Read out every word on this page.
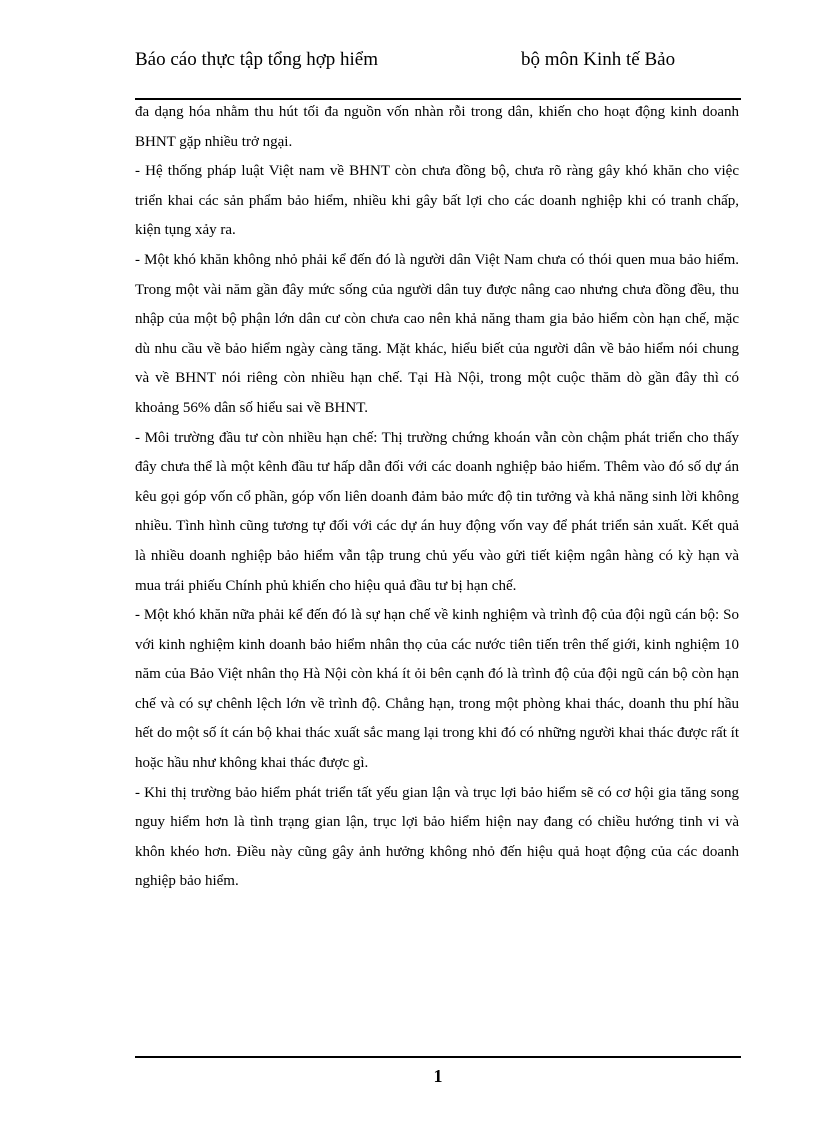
Báo cáo thực tập tổng hợp hiểm	bộ môn Kinh tế Bảo

đa dạng hóa nhằm thu hút tối đa nguồn vốn nhàn rỗi trong dân, khiến cho hoạt động kinh doanh BHNT gặp nhiều trở ngại.

- Hệ thống pháp luật Việt nam về BHNT còn chưa đồng bộ, chưa rõ ràng gây khó khăn cho việc triển khai các sản phẩm bảo hiểm, nhiều khi gây bất lợi cho các doanh nghiệp khi có tranh chấp, kiện tụng xảy ra.

- Một khó khăn không nhỏ phải kể đến đó là người dân Việt Nam chưa có thói quen mua bảo hiểm. Trong một vài năm gần đây mức sống của người dân tuy được nâng cao nhưng chưa đồng đều, thu nhập của một bộ phận lớn dân cư còn chưa cao nên khả năng tham gia bảo hiểm còn hạn chế, mặc dù nhu cầu về bảo hiểm ngày càng tăng. Mặt khác, hiểu biết của người dân về bảo hiểm nói chung và về BHNT nói riêng còn nhiều hạn chế. Tại Hà Nội, trong một cuộc thăm dò gần đây thì có khoảng 56% dân số hiểu sai về BHNT.

- Môi trường đầu tư còn nhiều hạn chế: Thị trường chứng khoán vẫn còn chậm phát triển cho thấy đây chưa thể là một kênh đầu tư hấp dẫn đối với các doanh nghiệp bảo hiểm. Thêm vào đó số dự án kêu gọi góp vốn cổ phần, góp vốn liên doanh đảm bảo mức độ tin tưởng và khả năng sinh lời không nhiều. Tình hình cũng tương tự đối với các dự án huy động vốn vay để phát triển sản xuất. Kết quả là nhiều doanh nghiệp bảo hiểm vẫn tập trung chủ yếu vào gửi tiết kiệm ngân hàng có kỳ hạn và mua trái phiếu Chính phủ khiến cho hiệu quả đầu tư bị hạn chế.

- Một khó khăn nữa phải kể đến đó là sự hạn chế về kinh nghiệm và trình độ của đội ngũ cán bộ: So với kinh nghiệm kinh doanh bảo hiểm nhân thọ của các nước tiên tiến trên thế giới, kinh nghiệm 10 năm của Bảo Việt nhân thọ Hà Nội còn khá ít ỏi bên cạnh đó là trình độ của đội ngũ cán bộ còn hạn chế và có sự chênh lệch lớn về trình độ. Chẳng hạn, trong một phòng khai thác, doanh thu phí hầu hết do một số ít cán bộ khai thác xuất sắc mang lại trong khi đó có những người khai thác được rất ít hoặc hầu như không khai thác được gì.

- Khi thị trường bảo hiểm phát triển tất yếu gian lận và trục lợi bảo hiểm sẽ có cơ hội gia tăng song nguy hiểm hơn là tình trạng gian lận, trục lợi bảo hiểm hiện nay đang có chiều hướng tinh vi và khôn khéo hơn. Điều này cũng gây ảnh hưởng không nhỏ đến hiệu quả hoạt động của các doanh nghiệp bảo hiểm.

1
